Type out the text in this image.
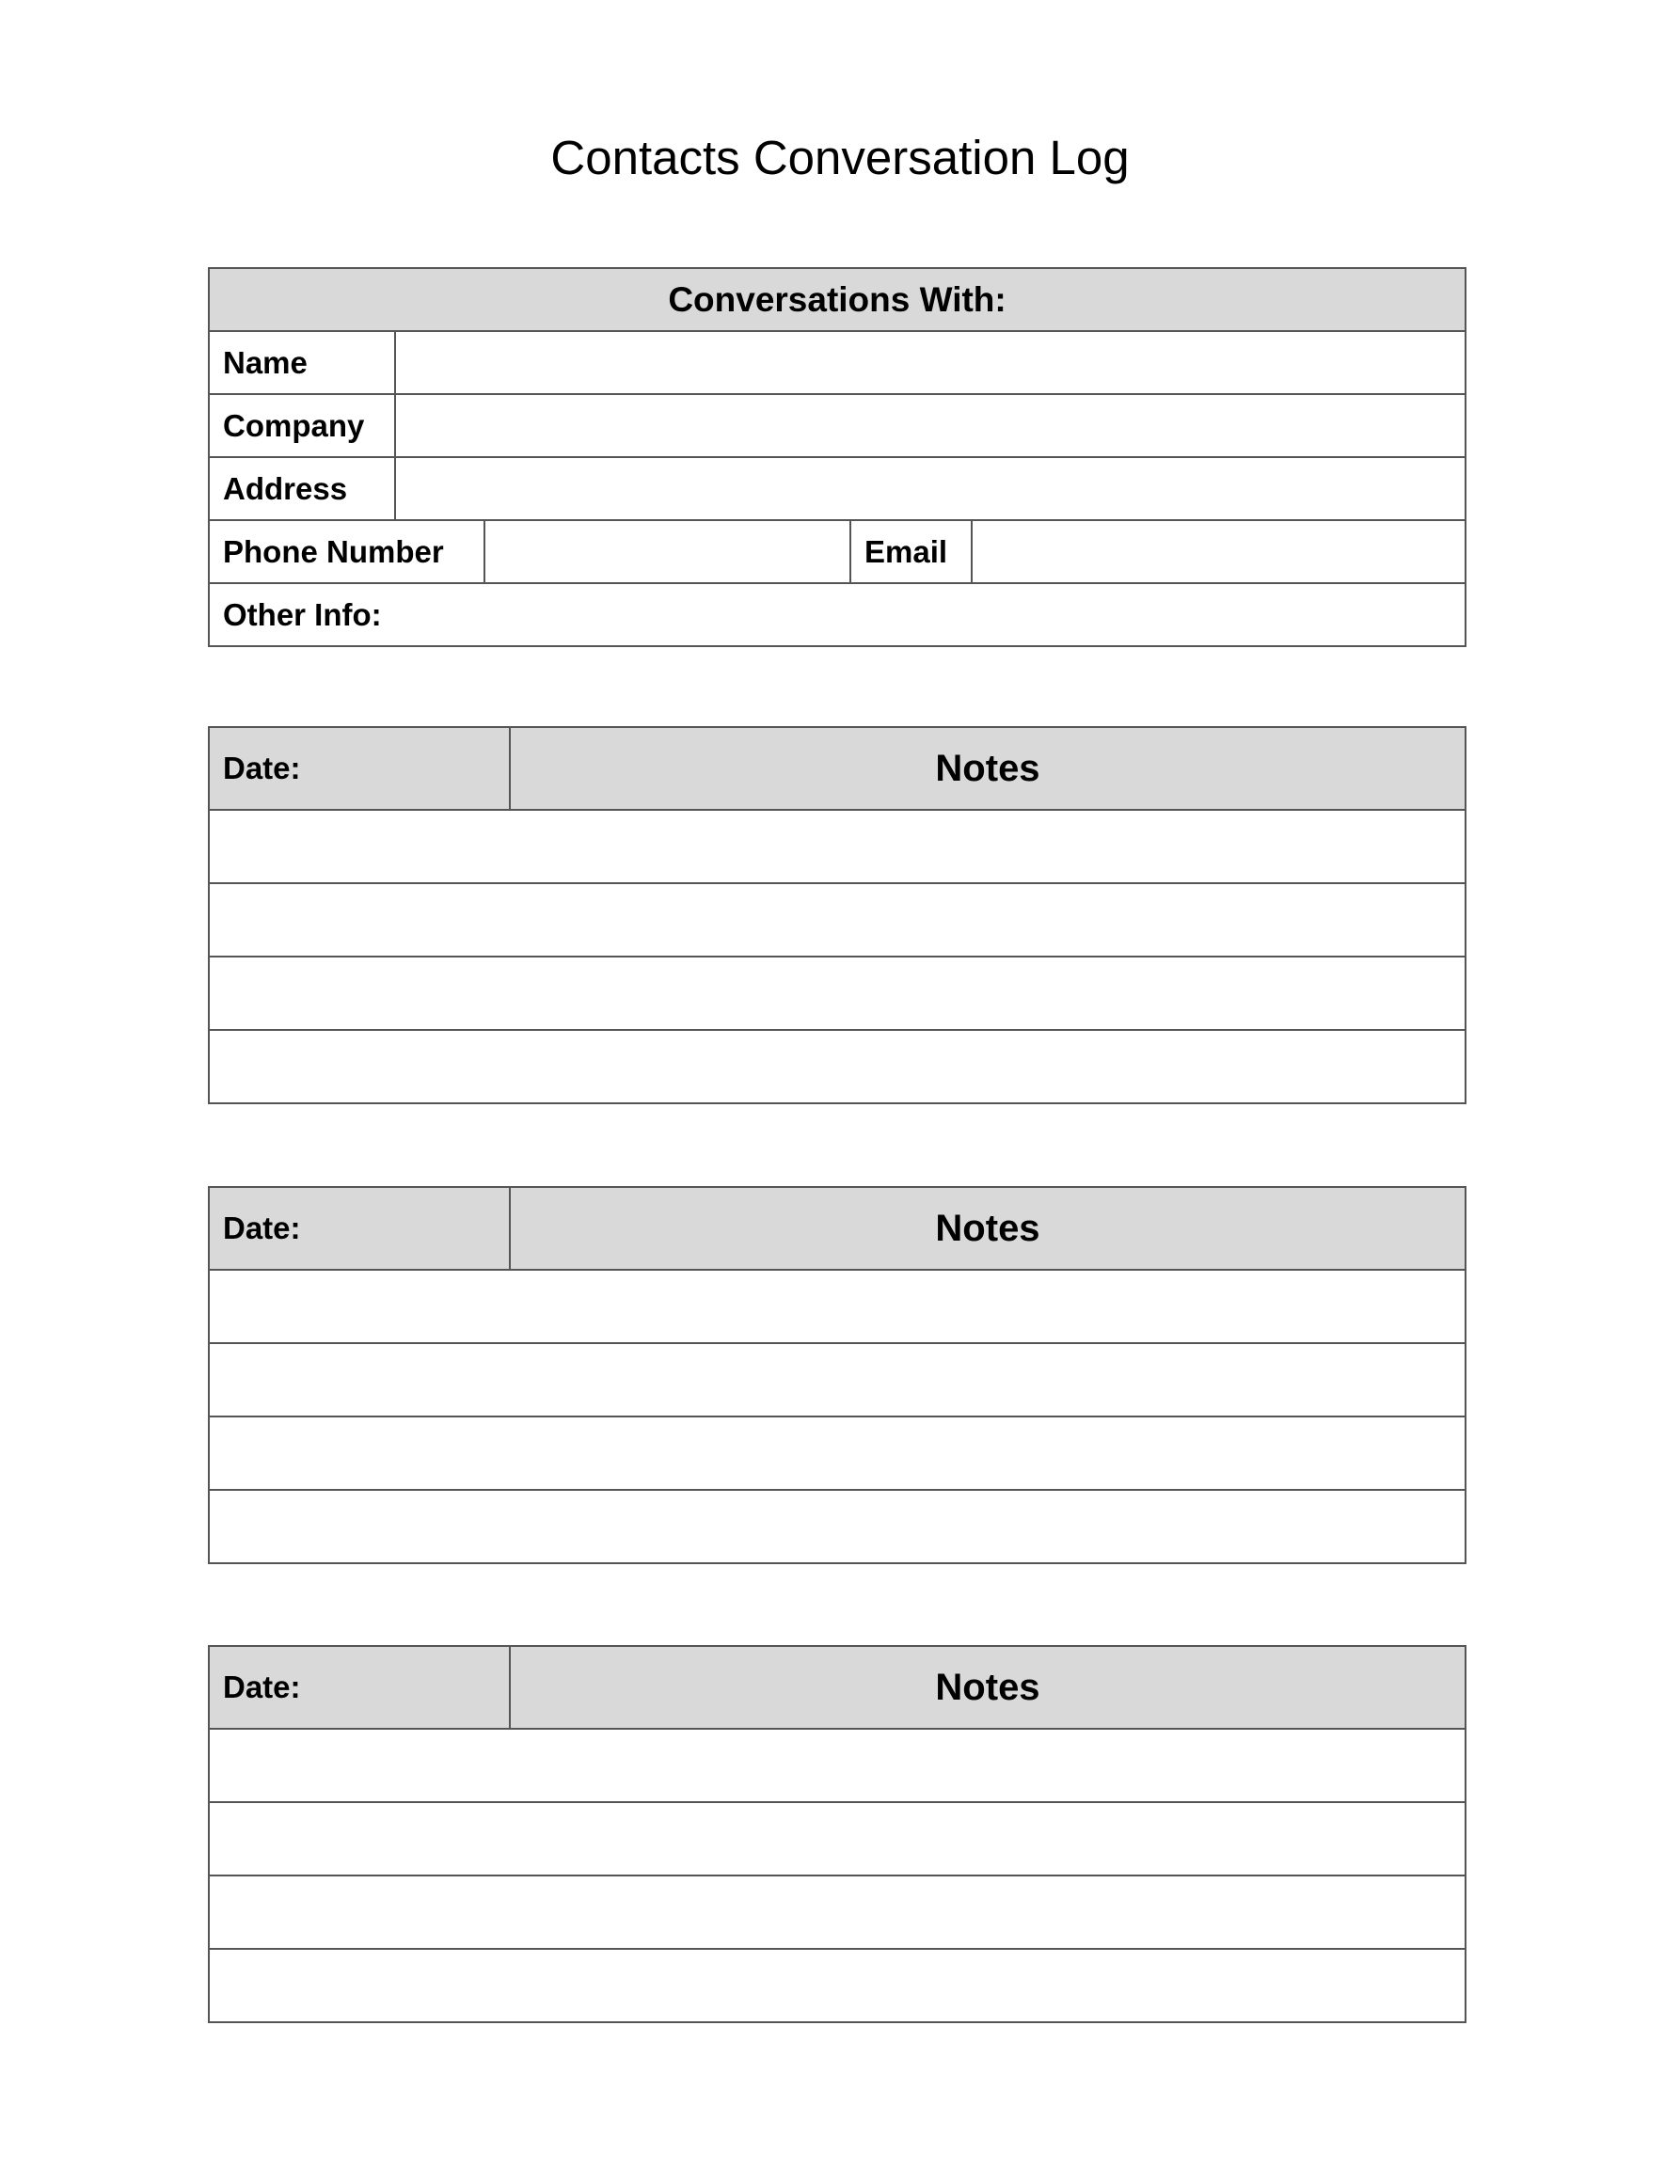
Contacts Conversation Log
Conversations With:				
Name				
Company				
Address				
Phone Number			Email	
Other Info:				
Date:	Notes

Date:	Notes

Date:	Notes
